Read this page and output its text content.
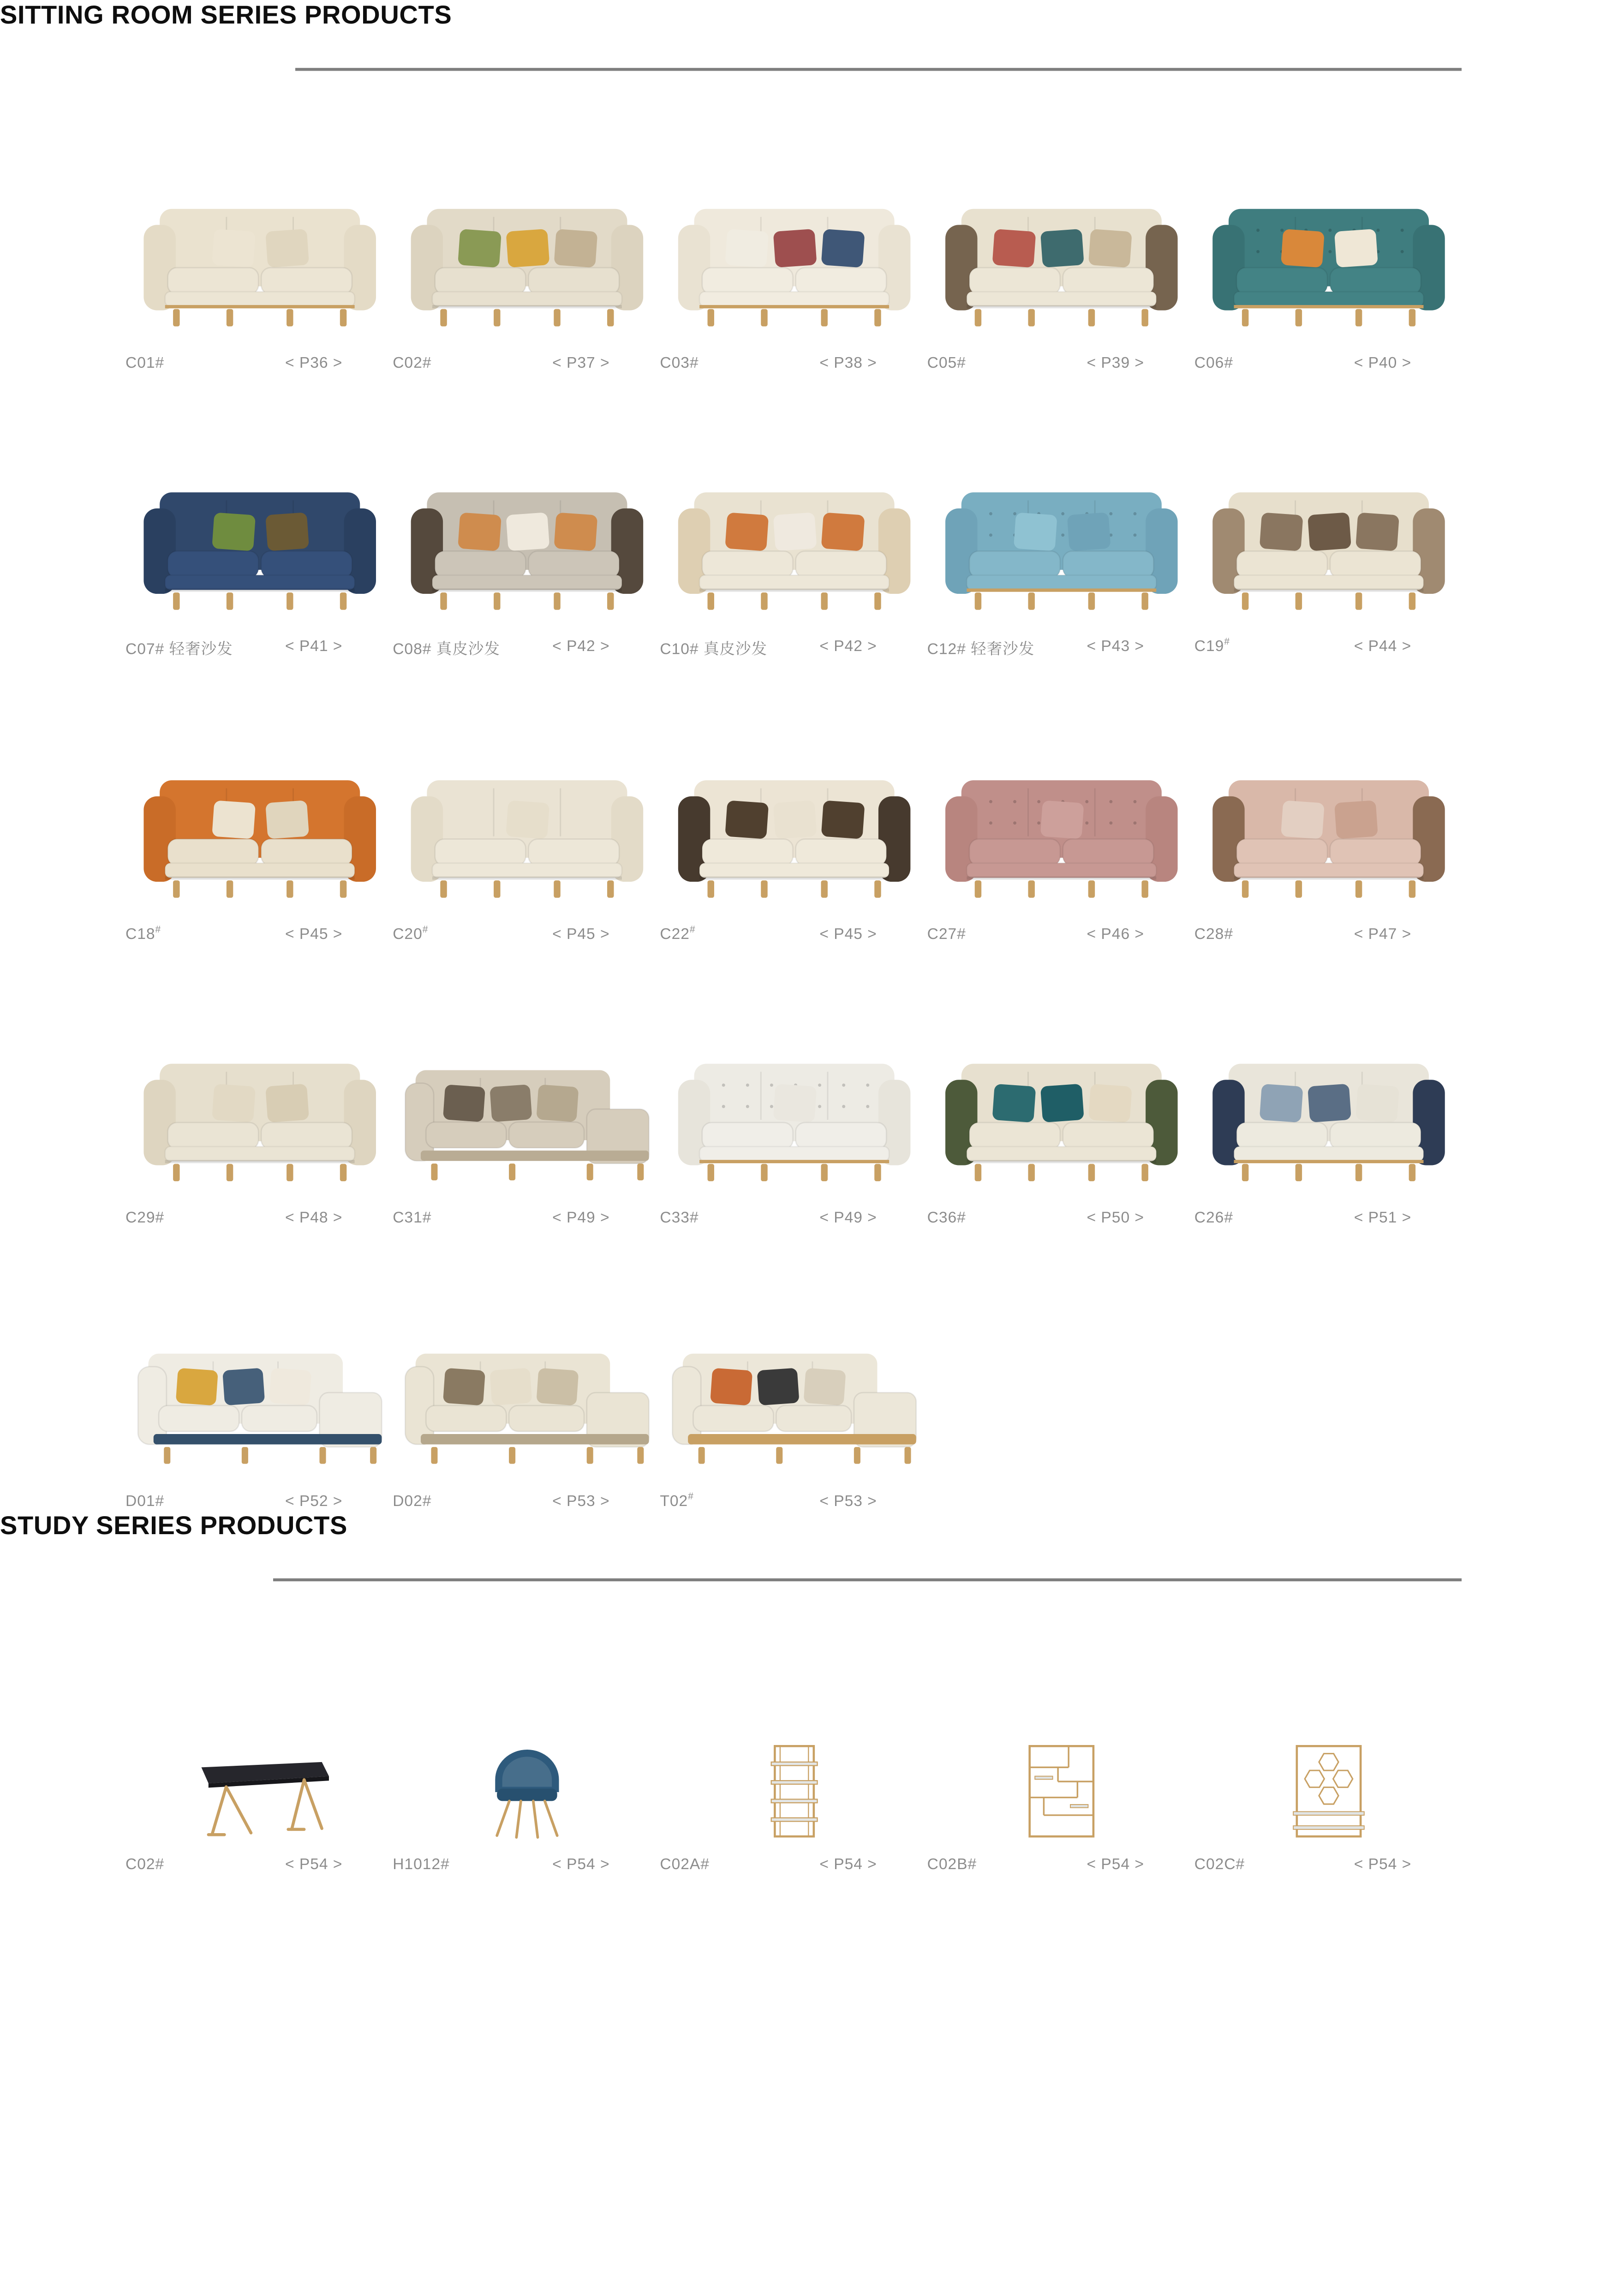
SITTING ROOM SERIES PRODUCTS
C01#	< P36 >	C02#	< P37 >	C03#	< P38 >	C05#	< P39 >	C06#	< P40 >
C07# 轻奢沙发	< P41 >	C08# 真皮沙发	< P42 >	C10# 真皮沙发	< P42 >	C12# 轻奢沙发	< P43 >	C19#	< P44 >
C18#	< P45 >	C20#	< P45 >	C22#	< P45 >	C27#	< P46 >	C28#	< P47 >
C29#	< P48 >	C31#	< P49 >	C33#	< P49 >	C36#	< P50 >	C26#	< P51 >
D01#	< P52 >	D02#	< P53 >	T02#	< P53 >
STUDY SERIES PRODUCTS
C02#	< P54 >	H1012#	< P54 >	C02A#	< P54 >	C02B#	< P54 >	C02C#	< P54 >
